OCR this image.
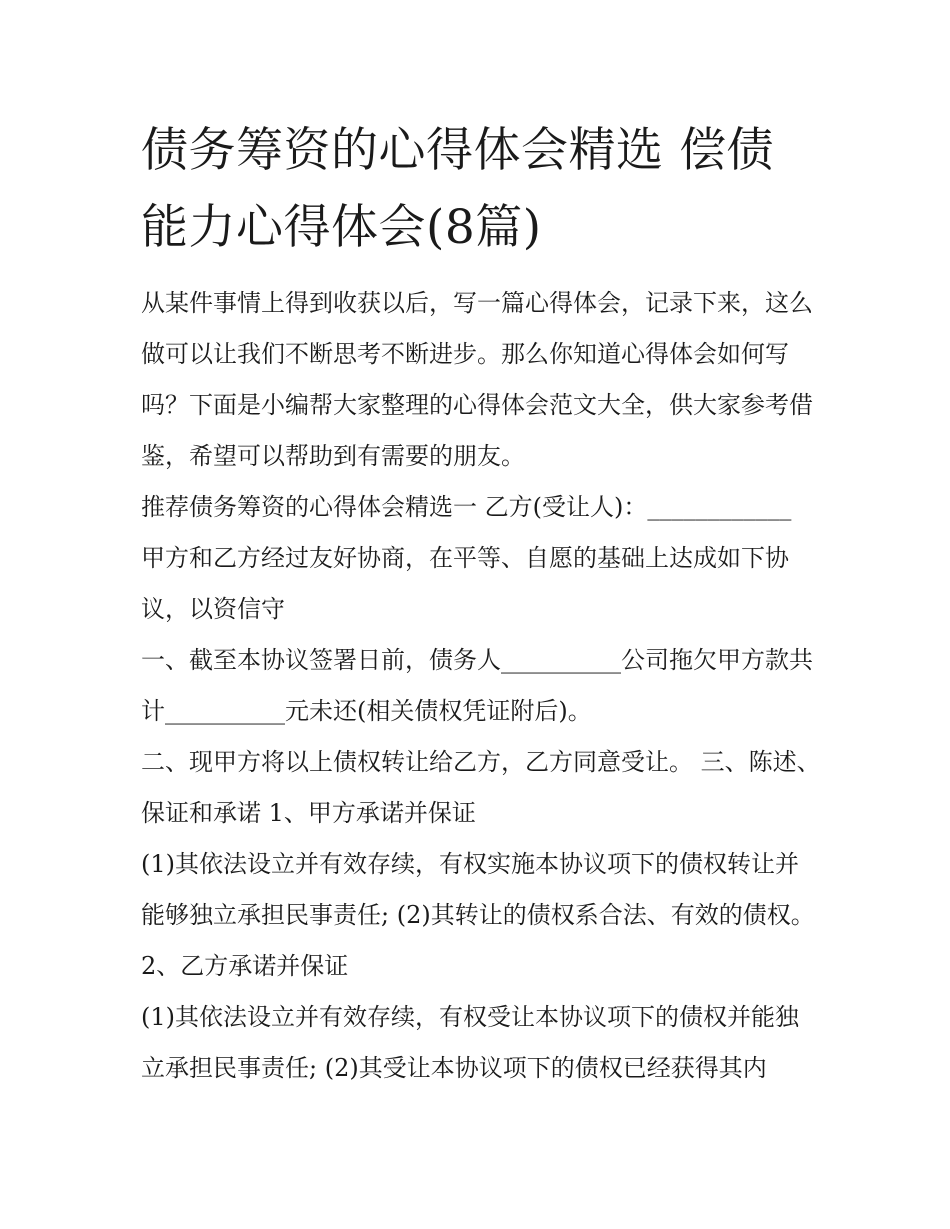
债务筹资的心得体会精选 偿债能力心得体会(8篇)

从某件事情上得到收获以后，写一篇心得体会，记录下来，这么做可以让我们不断思考不断进步。那么你知道心得体会如何写吗？下面是小编帮大家整理的心得体会范文大全，供大家参考借鉴，希望可以帮助到有需要的朋友。

推荐债务筹资的心得体会精选一 乙方(受让人)：____________ 甲方和乙方经过友好协商，在平等、自愿的基础上达成如下协议，以资信守

一、截至本协议签署日前，债务人__________公司拖欠甲方款共计__________元未还(相关债权凭证附后)。

二、现甲方将以上债权转让给乙方，乙方同意受让。 三、陈述、保证和承诺 1、甲方承诺并保证

(1)其依法设立并有效存续，有权实施本协议项下的债权转让并能够独立承担民事责任; (2)其转让的债权系合法、有效的债权。 2、乙方承诺并保证

(1)其依法设立并有效存续，有权受让本协议项下的债权并能独立承担民事责任; (2)其受让本协议项下的债权已经获得其内
